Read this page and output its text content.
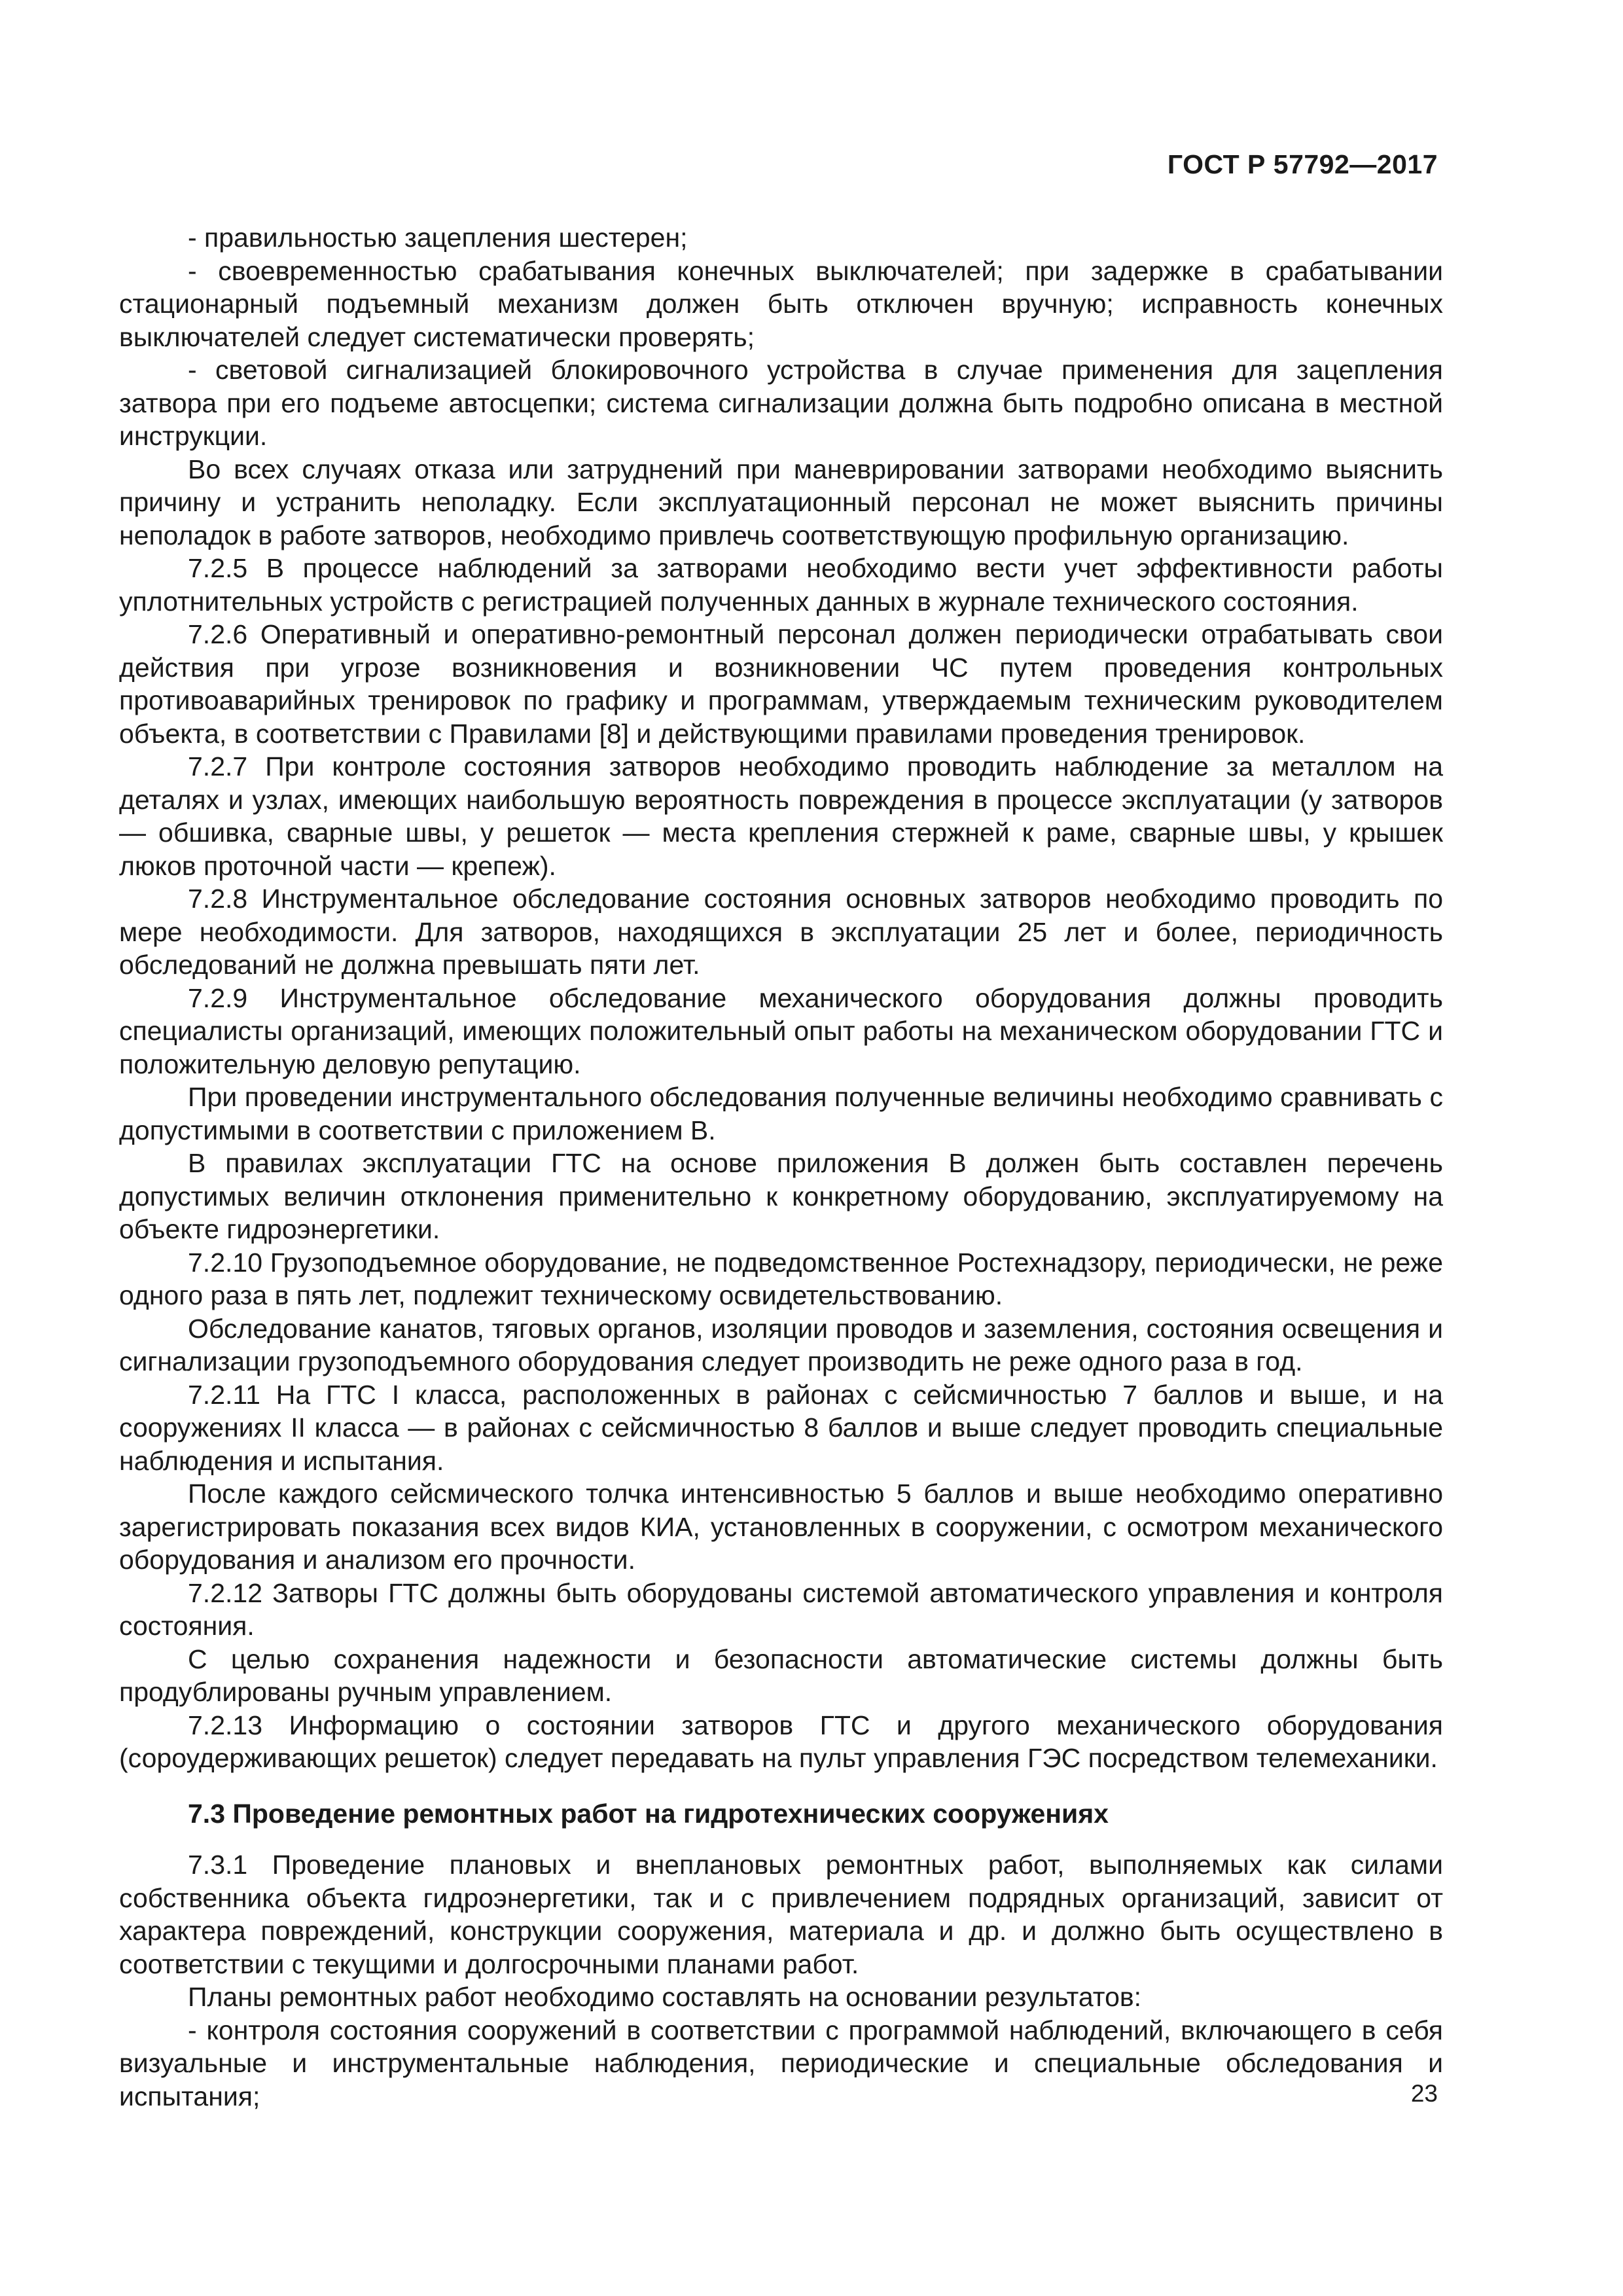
ГОСТ Р 57792—2017

- правильностью зацепления шестерен;

- своевременностью срабатывания конечных выключателей; при задержке в срабатывании стационарный подъемный механизм должен быть отключен вручную; исправность конечных выключателей следует систематически проверять;

- световой сигнализацией блокировочного устройства в случае применения для зацепления затвора при его подъеме автосцепки; система сигнализации должна быть подробно описана в местной инструкции.

Во всех случаях отказа или затруднений при маневрировании затворами необходимо выяснить причину и устранить неполадку. Если эксплуатационный персонал не может выяснить причины неполадок в работе затворов, необходимо привлечь соответствующую профильную организацию.

7.2.5 В процессе наблюдений за затворами необходимо вести учет эффективности работы уплотнительных устройств с регистрацией полученных данных в журнале технического состояния.

7.2.6 Оперативный и оперативно-ремонтный персонал должен периодически отрабатывать свои действия при угрозе возникновения и возникновении ЧС путем проведения контрольных противоаварийных тренировок по графику и программам, утверждаемым техническим руководителем объекта, в соответствии с Правилами [8] и действующими правилами проведения тренировок.

7.2.7 При контроле состояния затворов необходимо проводить наблюдение за металлом на деталях и узлах, имеющих наибольшую вероятность повреждения в процессе эксплуатации (у затворов — обшивка, сварные швы, у решеток — места крепления стержней к раме, сварные швы, у крышек люков проточной части — крепеж).

7.2.8 Инструментальное обследование состояния основных затворов необходимо проводить по мере необходимости. Для затворов, находящихся в эксплуатации 25 лет и более, периодичность обследований не должна превышать пяти лет.

7.2.9 Инструментальное обследование механического оборудования должны проводить специалисты организаций, имеющих положительный опыт работы на механическом оборудовании ГТС и положительную деловую репутацию.

При проведении инструментального обследования полученные величины необходимо сравнивать с допустимыми в соответствии с приложением В.

В правилах эксплуатации ГТС на основе приложения В должен быть составлен перечень допустимых величин отклонения применительно к конкретному оборудованию, эксплуатируемому на объекте гидроэнергетики.

7.2.10 Грузоподъемное оборудование, не подведомственное Ростехнадзору, периодически, не реже одного раза в пять лет, подлежит техническому освидетельствованию.

Обследование канатов, тяговых органов, изоляции проводов и заземления, состояния освещения и сигнализации грузоподъемного оборудования следует производить не реже одного раза в год.

7.2.11 На ГТС I класса, расположенных в районах с сейсмичностью 7 баллов и выше, и на сооружениях II класса — в районах с сейсмичностью 8 баллов и выше следует проводить специальные наблюдения и испытания.

После каждого сейсмического толчка интенсивностью 5 баллов и выше необходимо оперативно зарегистрировать показания всех видов КИА, установленных в сооружении, с осмотром механического оборудования и анализом его прочности.

7.2.12 Затворы ГТС должны быть оборудованы системой автоматического управления и контроля состояния.

С целью сохранения надежности и безопасности автоматические системы должны быть продублированы ручным управлением.

7.2.13 Информацию о состоянии затворов ГТС и другого механического оборудования (сороудерживающих решеток) следует передавать на пульт управления ГЭС посредством телемеханики.

7.3 Проведение ремонтных работ на гидротехнических сооружениях

7.3.1 Проведение плановых и внеплановых ремонтных работ, выполняемых как силами собственника объекта гидроэнергетики, так и с привлечением подрядных организаций, зависит от характера повреждений, конструкции сооружения, материала и др. и должно быть осуществлено в соответствии с текущими и долгосрочными планами работ.

Планы ремонтных работ необходимо составлять на основании результатов:

- контроля состояния сооружений в соответствии с программой наблюдений, включающего в себя визуальные и инструментальные наблюдения, периодические и специальные обследования и испытания;	23
